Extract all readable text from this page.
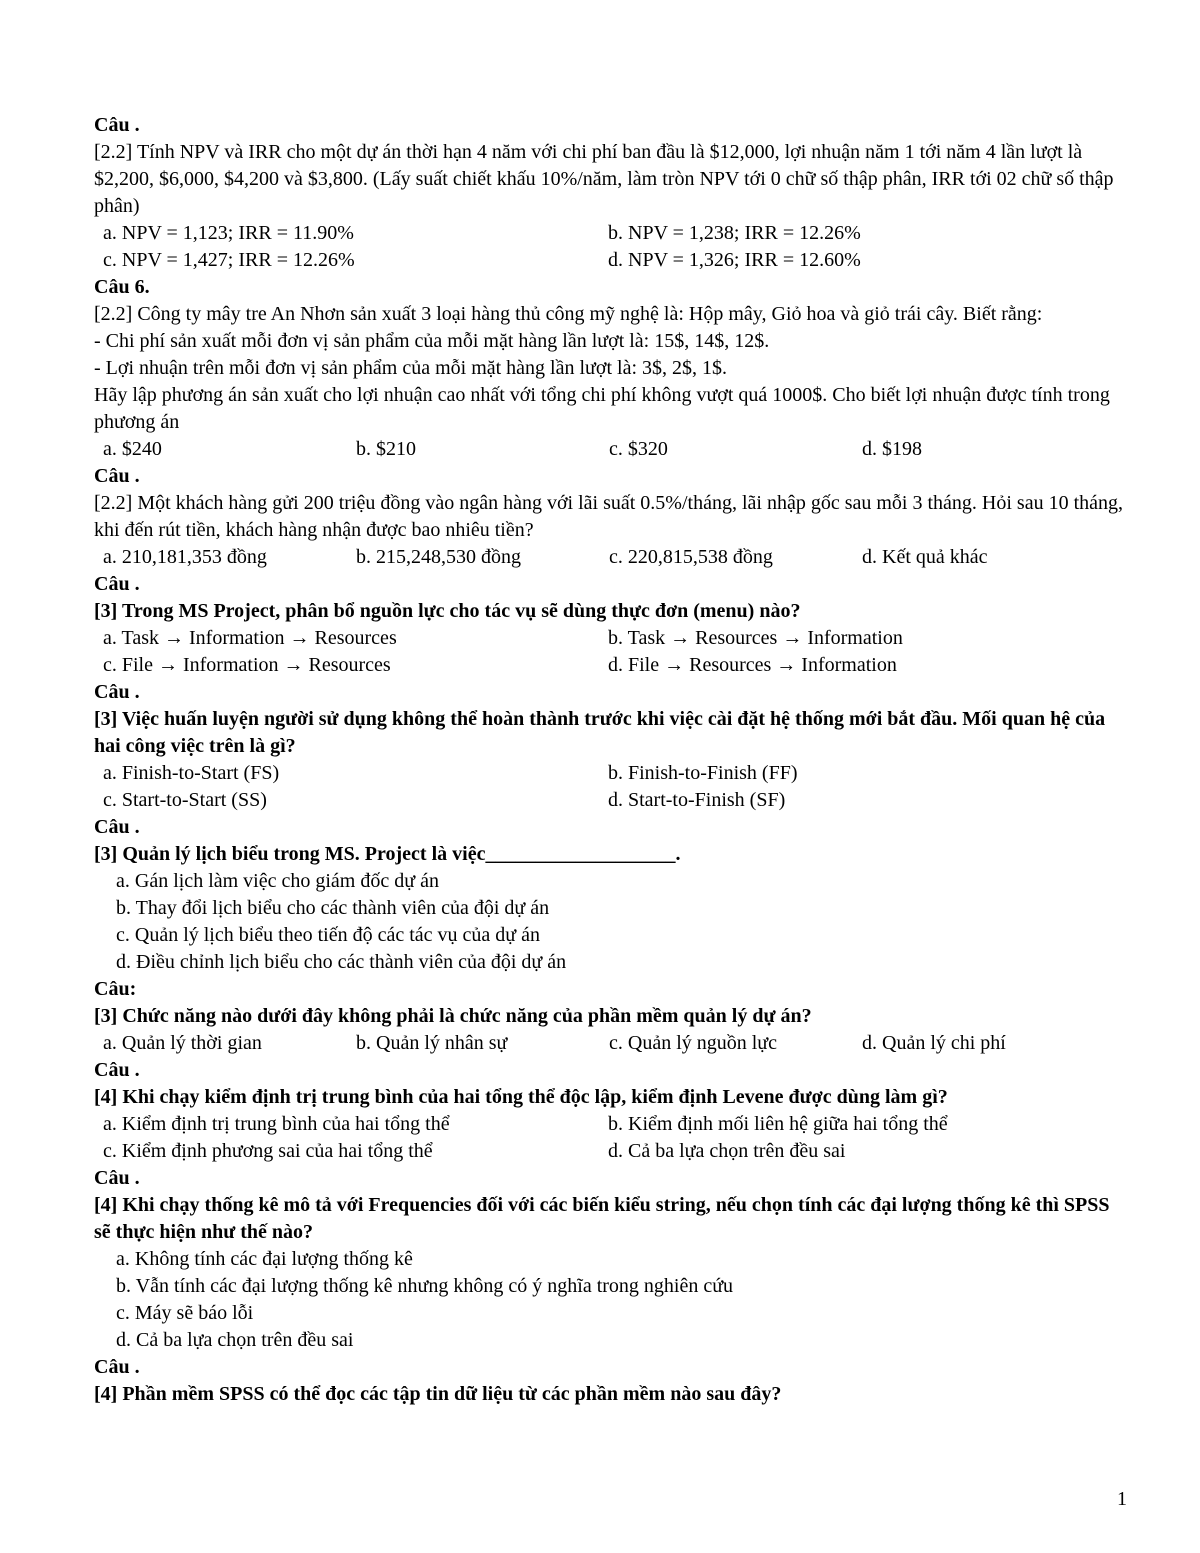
Câu .
[2.2] Tính NPV và IRR cho một dự án thời hạn 4 năm với chi phí ban đầu là $12,000, lợi nhuận năm 1 tới năm 4 lần lượt là $2,200, $6,000, $4,200 và $3,800. (Lấy suất chiết khấu 10%/năm, làm tròn NPV tới 0 chữ số thập phân, IRR tới 02 chữ số thập phân)
a. NPV = 1,123; IRR = 11.90%	b. NPV = 1,238; IRR = 12.26%
c. NPV = 1,427; IRR = 12.26%	d. NPV = 1,326; IRR = 12.60%
Câu 6.
[2.2] Công ty mây tre An Nhơn sản xuất 3 loại hàng thủ công mỹ nghệ là: Hộp mây, Giỏ hoa và giỏ trái cây. Biết rằng:
- Chi phí sản xuất mỗi đơn vị sản phẩm của mỗi mặt hàng lần lượt là: 15$, 14$, 12$.
- Lợi nhuận trên mỗi đơn vị sản phẩm của mỗi mặt hàng lần lượt là: 3$, 2$, 1$.
Hãy lập phương án sản xuất cho lợi nhuận cao nhất với tổng chi phí không vượt quá 1000$. Cho biết lợi nhuận được tính trong phương án
a. $240	b. $210	c. $320	d. $198
Câu .
[2.2] Một khách hàng gửi 200 triệu đồng vào ngân hàng với lãi suất 0.5%/tháng, lãi nhập gốc sau mỗi 3 tháng. Hỏi sau 10 tháng, khi đến rút tiền, khách hàng nhận được bao nhiêu tiền?
a. 210,181,353 đồng	b. 215,248,530 đồng	c. 220,815,538 đồng	d. Kết quả khác
Câu .
[3] Trong MS Project, phân bổ nguồn lực cho tác vụ sẽ dùng thực đơn (menu) nào?
a. Task → Information → Resources	b. Task → Resources → Information
c. File → Information → Resources	d. File → Resources → Information
Câu .
[3] Việc huấn luyện người sử dụng không thể hoàn thành trước khi việc cài đặt hệ thống mới bắt đầu. Mối quan hệ của hai công việc trên là gì?
a. Finish-to-Start (FS)	b. Finish-to-Finish (FF)
c. Start-to-Start (SS)	d. Start-to-Finish (SF)
Câu .
[3] Quản lý lịch biểu trong MS. Project là việc___________________.
a. Gán lịch làm việc cho giám đốc dự án
b. Thay đổi lịch biểu cho các thành viên của đội dự án
c. Quản lý lịch biểu theo tiến độ các tác vụ của dự án
d. Điều chỉnh lịch biểu cho các thành viên của đội dự án
Câu:
[3] Chức năng nào dưới đây không phải là chức năng của phần mềm quản lý dự án?
a. Quản lý thời gian	b. Quản lý nhân sự	c. Quản lý nguồn lực	d. Quản lý chi phí
Câu .
[4] Khi chạy kiểm định trị trung bình của hai tổng thể độc lập, kiểm định Levene được dùng làm gì?
a. Kiểm định trị trung bình của hai tổng thể	b. Kiểm định mối liên hệ giữa hai tổng thể
c. Kiểm định phương sai của hai tổng thể	d. Cả ba lựa chọn trên đều sai
Câu .
[4] Khi chạy thống kê mô tả với Frequencies đối với các biến kiểu string, nếu chọn tính các đại lượng thống kê thì SPSS sẽ thực hiện như thế nào?
a. Không tính các đại lượng thống kê
b. Vẫn tính các đại lượng thống kê nhưng không có ý nghĩa trong nghiên cứu
c. Máy sẽ báo lỗi
d. Cả ba lựa chọn trên đều sai
Câu .
[4] Phần mềm SPSS có thể đọc các tập tin dữ liệu từ các phần mềm nào sau đây?
1
